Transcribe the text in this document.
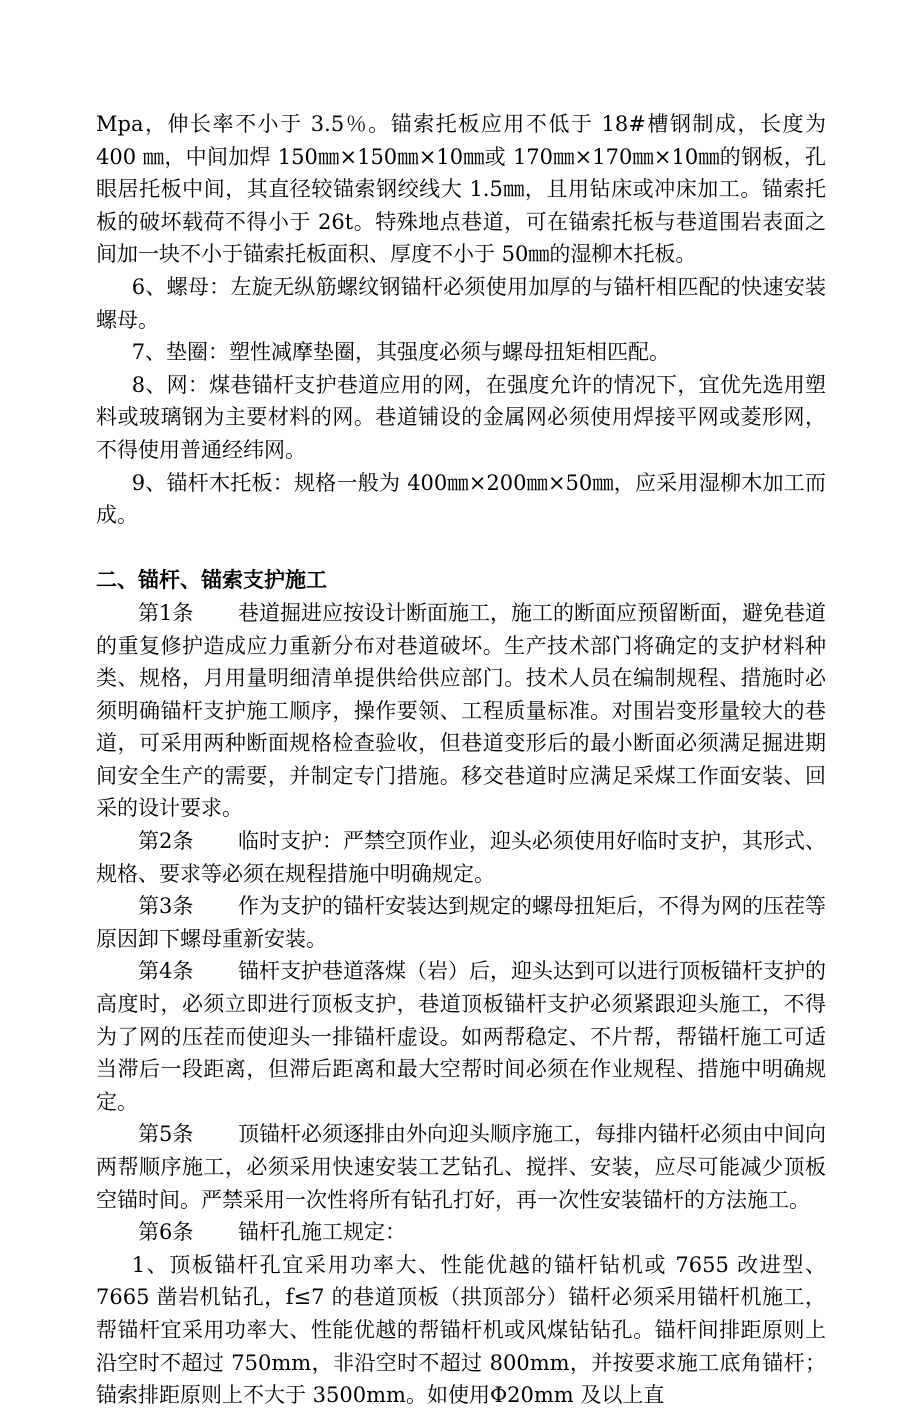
Mpa，伸长率不小于 3.5％。锚索托板应用不低于 18#槽钢制成，长度为 400 ㎜，中间加焊 150㎜×150㎜×10㎜或 170㎜×170㎜×10㎜的钢板，孔眼居托板中间，其直径较锚索钢绞线大 1.5㎜，且用钻床或冲床加工。锚索托板的破坏载荷不得小于 26t。特殊地点巷道，可在锚索托板与巷道围岩表面之间加一块不小于锚索托板面积、厚度不小于 50㎜的湿柳木托板。

6、螺母：左旋无纵筋螺纹钢锚杆必须使用加厚的与锚杆相匹配的快速安装螺母。

7、垫圈：塑性减摩垫圈，其强度必须与螺母扭矩相匹配。

8、网：煤巷锚杆支护巷道应用的网，在强度允许的情况下，宜优先选用塑料或玻璃钢为主要材料的网。巷道铺设的金属网必须使用焊接平网或菱形网，不得使用普通经纬网。

9、锚杆木托板：规格一般为 400㎜×200㎜×50㎜，应采用湿柳木加工而成。

二、锚杆、锚索支护施工

第1条 巷道掘进应按设计断面施工，施工的断面应预留断面，避免巷道的重复修护造成应力重新分布对巷道破坏。生产技术部门将确定的支护材料种类、规格，月用量明细清单提供给供应部门。技术人员在编制规程、措施时必须明确锚杆支护施工顺序，操作要领、工程质量标准。对围岩变形量较大的巷道，可采用两种断面规格检查验收，但巷道变形后的最小断面必须满足掘进期间安全生产的需要，并制定专门措施。移交巷道时应满足采煤工作面安装、回采的设计要求。

第2条 临时支护：严禁空顶作业，迎头必须使用好临时支护，其形式、规格、要求等必须在规程措施中明确规定。

第3条 作为支护的锚杆安装达到规定的螺母扭矩后，不得为网的压茬等原因卸下螺母重新安装。

第4条 锚杆支护巷道落煤（岩）后，迎头达到可以进行顶板锚杆支护的高度时，必须立即进行顶板支护，巷道顶板锚杆支护必须紧跟迎头施工，不得为了网的压茬而使迎头一排锚杆虚设。如两帮稳定、不片帮，帮锚杆施工可适当滞后一段距离，但滞后距离和最大空帮时间必须在作业规程、措施中明确规定。

第5条 顶锚杆必须逐排由外向迎头顺序施工，每排内锚杆必须由中间向两帮顺序施工，必须采用快速安装工艺钻孔、搅拌、安装，应尽可能减少顶板空锚时间。严禁采用一次性将所有钻孔打好，再一次性安装锚杆的方法施工。

第6条 锚杆孔施工规定：

1、顶板锚杆孔宜采用功率大、性能优越的锚杆钻机或 7655 改进型、7665 凿岩机钻孔，f≤7 的巷道顶板（拱顶部分）锚杆必须采用锚杆机施工，帮锚杆宜采用功率大、性能优越的帮锚杆机或风煤钻钻孔。锚杆间排距原则上沿空时不超过 750mm，非沿空时不超过 800mm，并按要求施工底角锚杆；锚索排距原则上不大于 3500mm。如使用Φ20mm 及以上直
